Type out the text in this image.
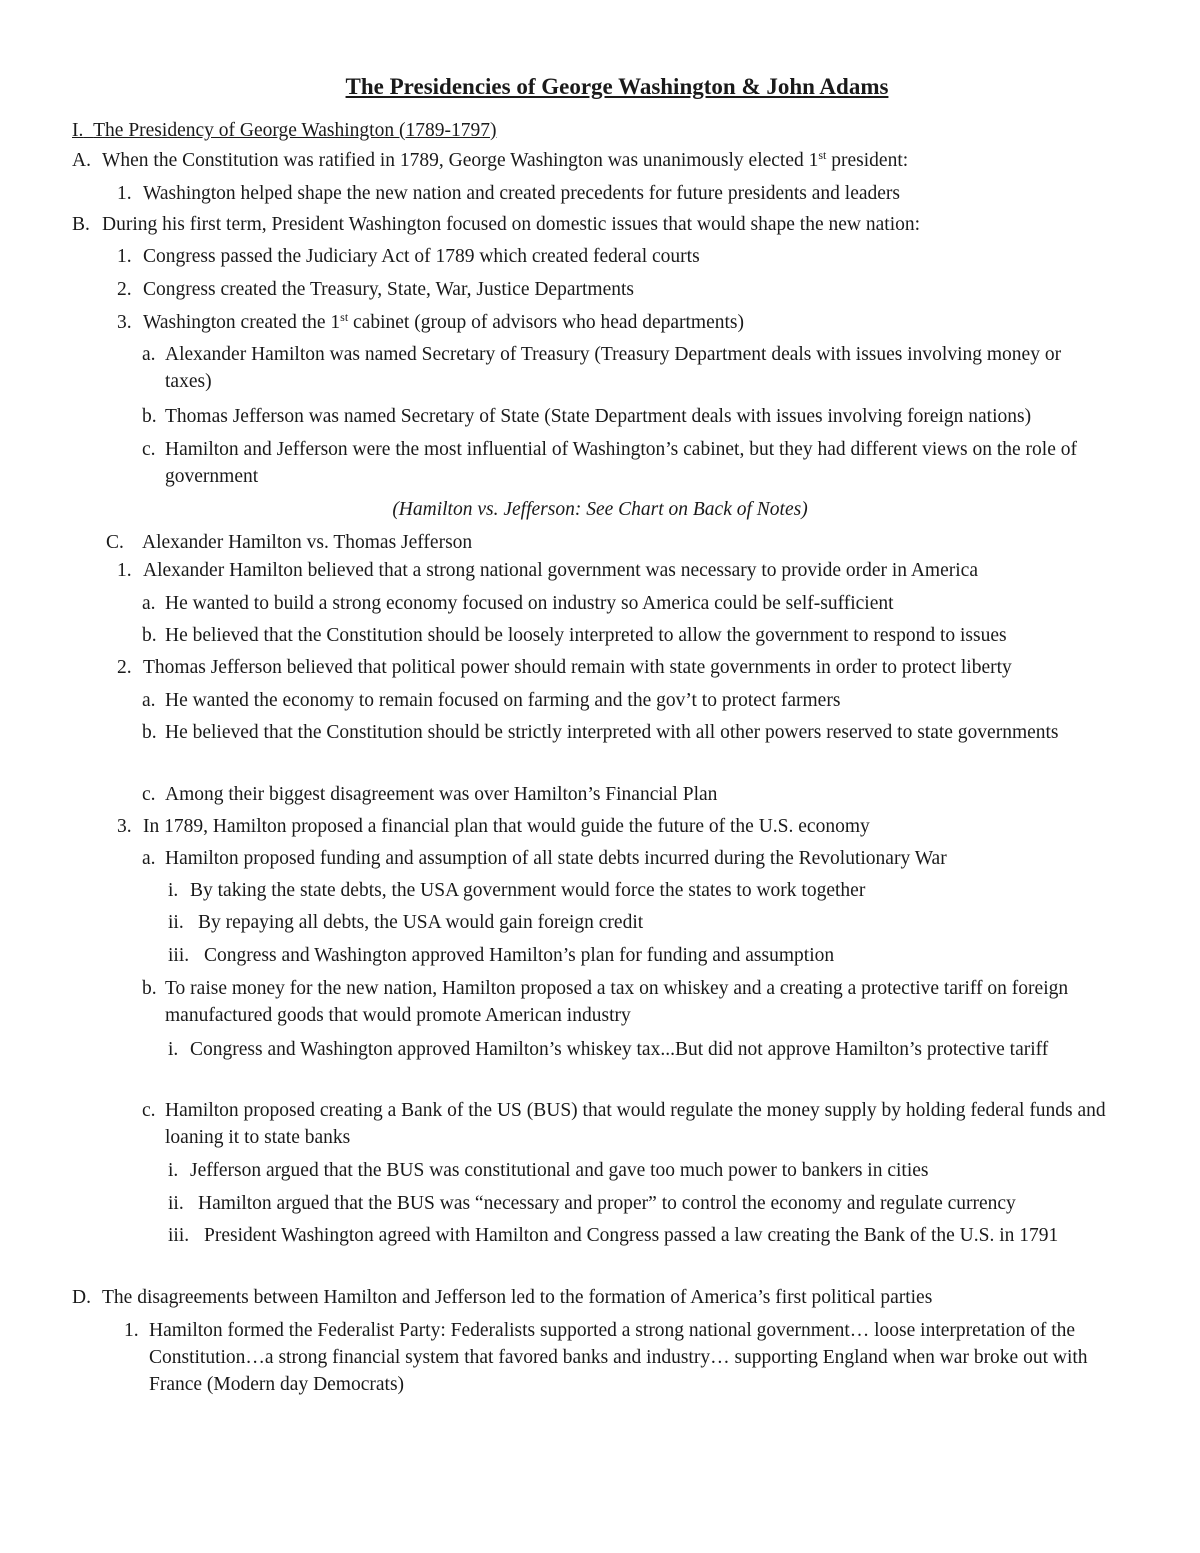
The Presidencies of George Washington & John Adams
I. The Presidency of George Washington (1789-1797)
A. When the Constitution was ratified in 1789, George Washington was unanimously elected 1st president:
1. Washington helped shape the new nation and created precedents for future presidents and leaders
B. During his first term, President Washington focused on domestic issues that would shape the new nation:
1. Congress passed the Judiciary Act of 1789 which created federal courts
2. Congress created the Treasury, State, War, Justice Departments
3. Washington created the 1st cabinet (group of advisors who head departments)
a. Alexander Hamilton was named Secretary of Treasury (Treasury Department deals with issues involving money or taxes)
b. Thomas Jefferson was named Secretary of State (State Department deals with issues involving foreign nations)
c. Hamilton and Jefferson were the most influential of Washington’s cabinet, but they had different views on the role of government
(Hamilton vs. Jefferson: See Chart on Back of Notes)
C. Alexander Hamilton vs. Thomas Jefferson
1. Alexander Hamilton believed that a strong national government was necessary to provide order in America
a. He wanted to build a strong economy focused on industry so America could be self-sufficient
b. He believed that the Constitution should be loosely interpreted to allow the government to respond to issues
2. Thomas Jefferson believed that political power should remain with state governments in order to protect liberty
a. He wanted the economy to remain focused on farming and the gov’t to protect farmers
b. He believed that the Constitution should be strictly interpreted with all other powers reserved to state governments
c. Among their biggest disagreement was over Hamilton’s Financial Plan
3. In 1789, Hamilton proposed a financial plan that would guide the future of the U.S. economy
a. Hamilton proposed funding and assumption of all state debts incurred during the Revolutionary War
i. By taking the state debts, the USA government would force the states to work together
ii. By repaying all debts, the USA would gain foreign credit
iii. Congress and Washington approved Hamilton’s plan for funding and assumption
b. To raise money for the new nation, Hamilton proposed a tax on whiskey and a creating a protective tariff on foreign manufactured goods that would promote American industry
i. Congress and Washington approved Hamilton’s whiskey tax...But did not approve Hamilton’s protective tariff
c. Hamilton proposed creating a Bank of the US (BUS) that would regulate the money supply by holding federal funds and loaning it to state banks
i. Jefferson argued that the BUS was constitutional and gave too much power to bankers in cities
ii. Hamilton argued that the BUS was “necessary and proper” to control the economy and regulate currency
iii. President Washington agreed with Hamilton and Congress passed a law creating the Bank of the U.S. in 1791
D. The disagreements between Hamilton and Jefferson led to the formation of America’s first political parties
1. Hamilton formed the Federalist Party: Federalists supported a strong national government… loose interpretation of the Constitution…a strong financial system that favored banks and industry… supporting England when war broke out with France (Modern day Democrats)
